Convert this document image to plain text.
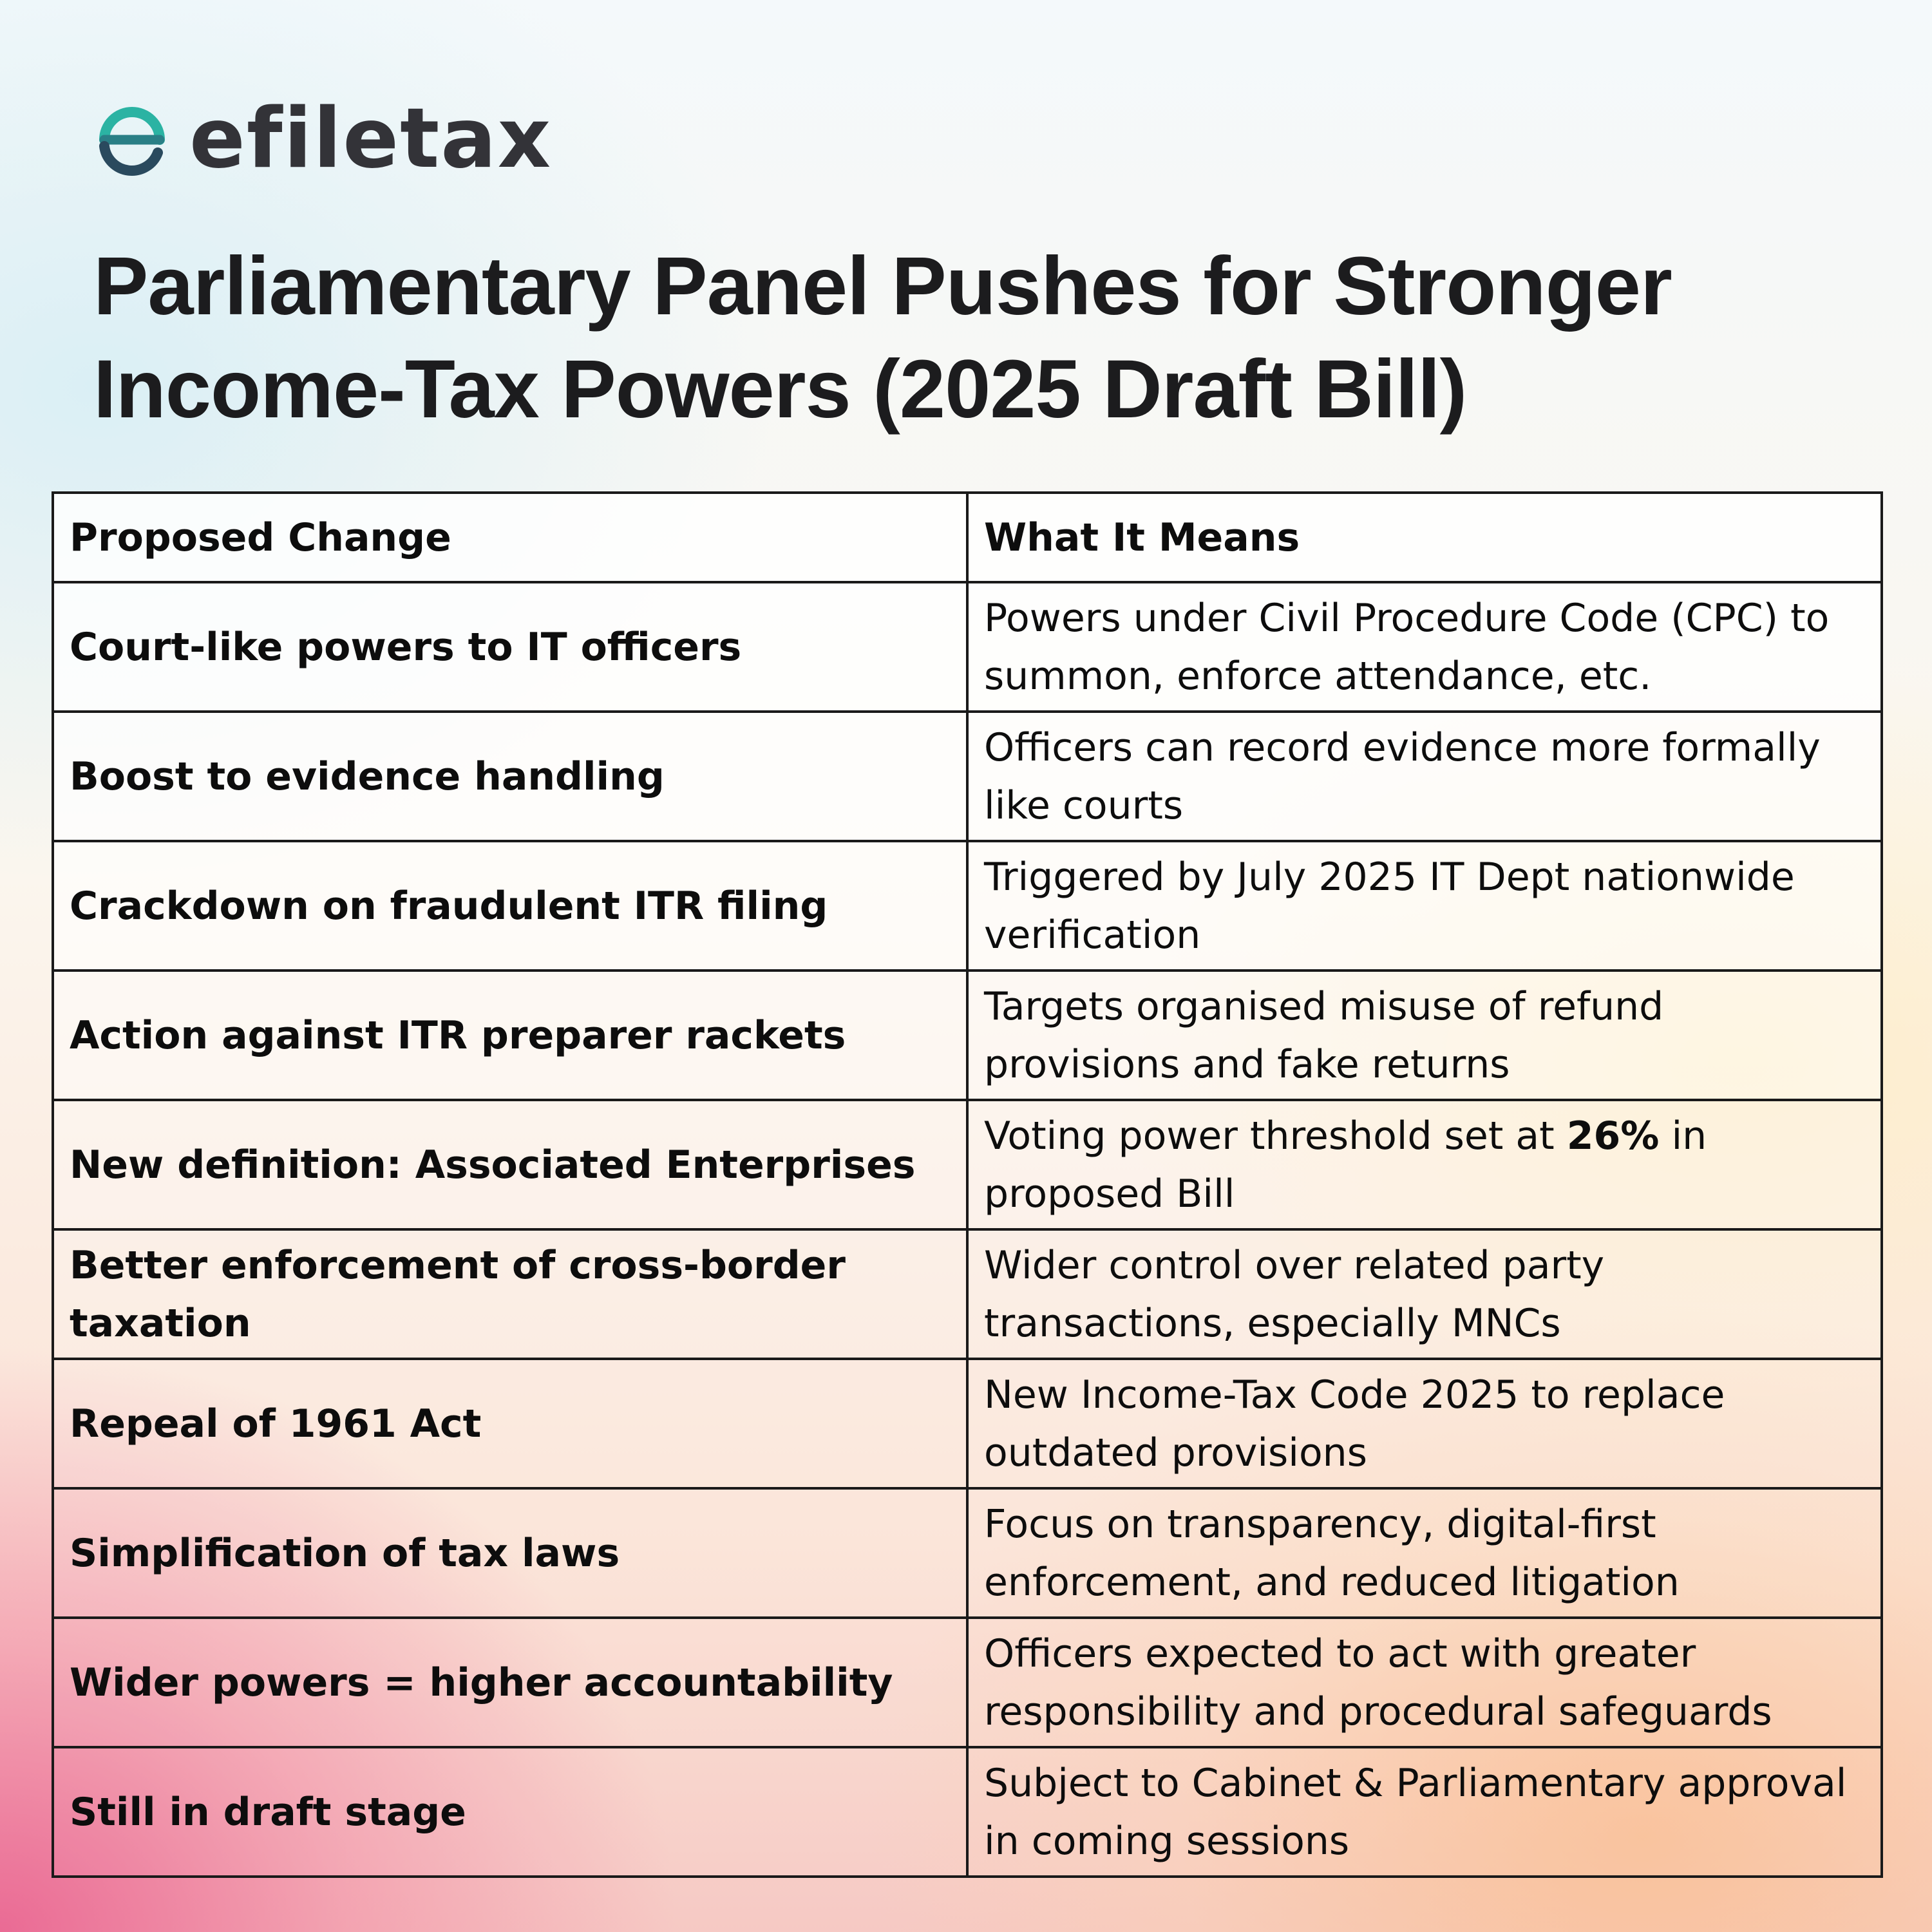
efiletax
Parliamentary Panel Pushes for Stronger
Income-Tax Powers (2025 Draft Bill)
Proposed Change	What It Means
Court-like powers to IT officers	Powers under Civil Procedure Code (CPC) to summon, enforce attendance, etc.
Boost to evidence handling	Officers can record evidence more formally like courts
Crackdown on fraudulent ITR filing	Triggered by July 2025 IT Dept nationwide verification
Action against ITR preparer rackets	Targets organised misuse of refund provisions and fake returns
New definition: Associated Enterprises	Voting power threshold set at 26% in proposed Bill
Better enforcement of cross-border taxation	Wider control over related party transactions, especially MNCs
Repeal of 1961 Act	New Income-Tax Code 2025 to replace outdated provisions
Simplification of tax laws	Focus on transparency, digital-first enforcement, and reduced litigation
Wider powers = higher accountability	Officers expected to act with greater responsibility and procedural safeguards
Still in draft stage	Subject to Cabinet & Parliamentary approval in coming sessions
